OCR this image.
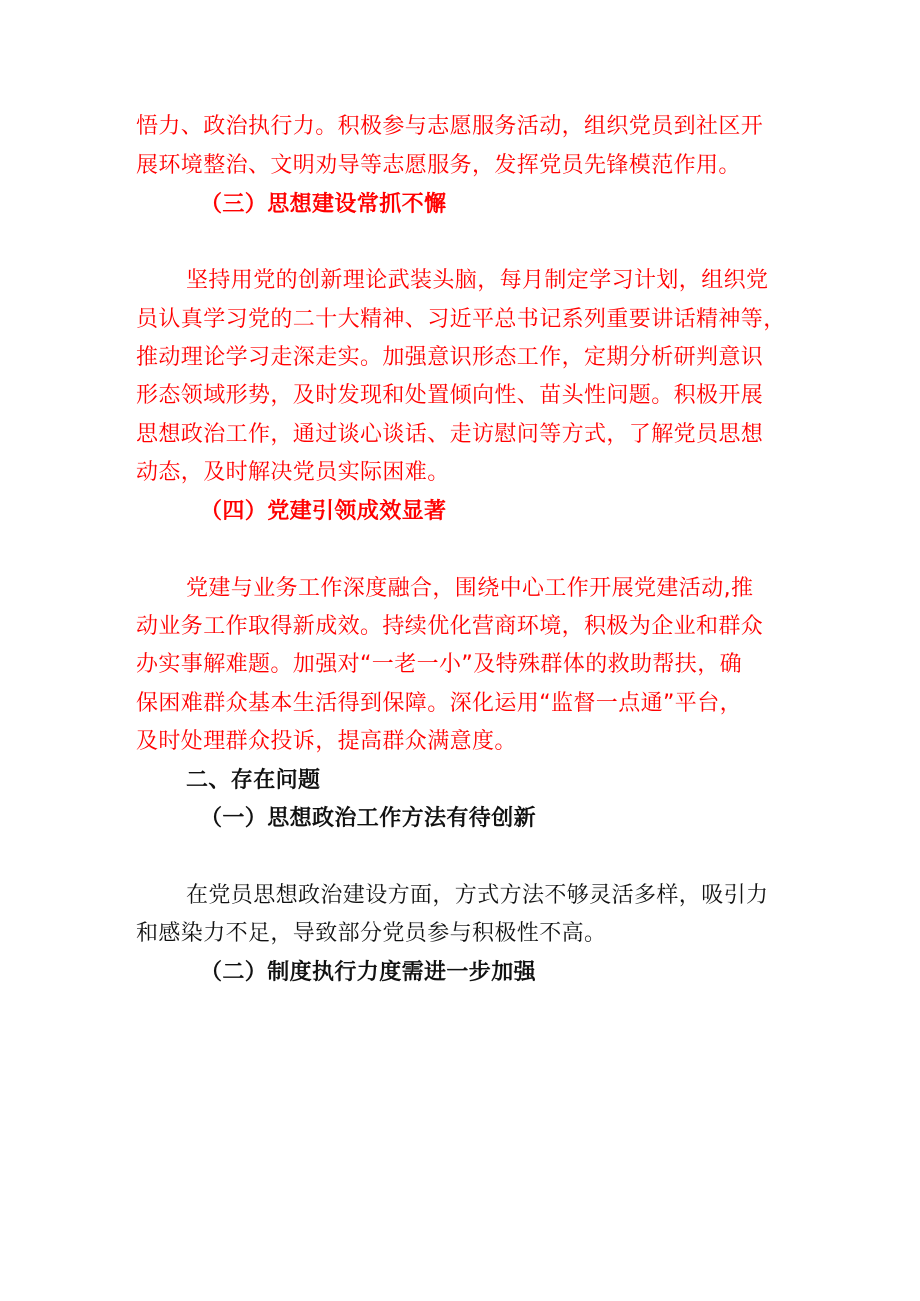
悟力、政治执行力。积极参与志愿服务活动，组织党员到社区开
展环境整治、文明劝导等志愿服务，发挥党员先锋模范作用。
（三）思想建设常抓不懈
坚持用党的创新理论武装头脑，每月制定学习计划，组织党
员认真学习党的二十大精神、习近平总书记系列重要讲话精神等，
推动理论学习走深走实。加强意识形态工作，定期分析研判意识
形态领域形势，及时发现和处置倾向性、苗头性问题。积极开展
思想政治工作，通过谈心谈话、走访慰问等方式，了解党员思想
动态，及时解决党员实际困难。
（四）党建引领成效显著
党建与业务工作深度融合，围绕中心工作开展党建活动,推
动业务工作取得新成效。持续优化营商环境，积极为企业和群众
办实事解难题。加强对“一老一小”及特殊群体的救助帮扶，确
保困难群众基本生活得到保障。深化运用“监督一点通”平台，
及时处理群众投诉，提高群众满意度。
二、存在问题
（一）思想政治工作方法有待创新
在党员思想政治建设方面，方式方法不够灵活多样，吸引力
和感染力不足，导致部分党员参与积极性不高。
（二）制度执行力度需进一步加强
